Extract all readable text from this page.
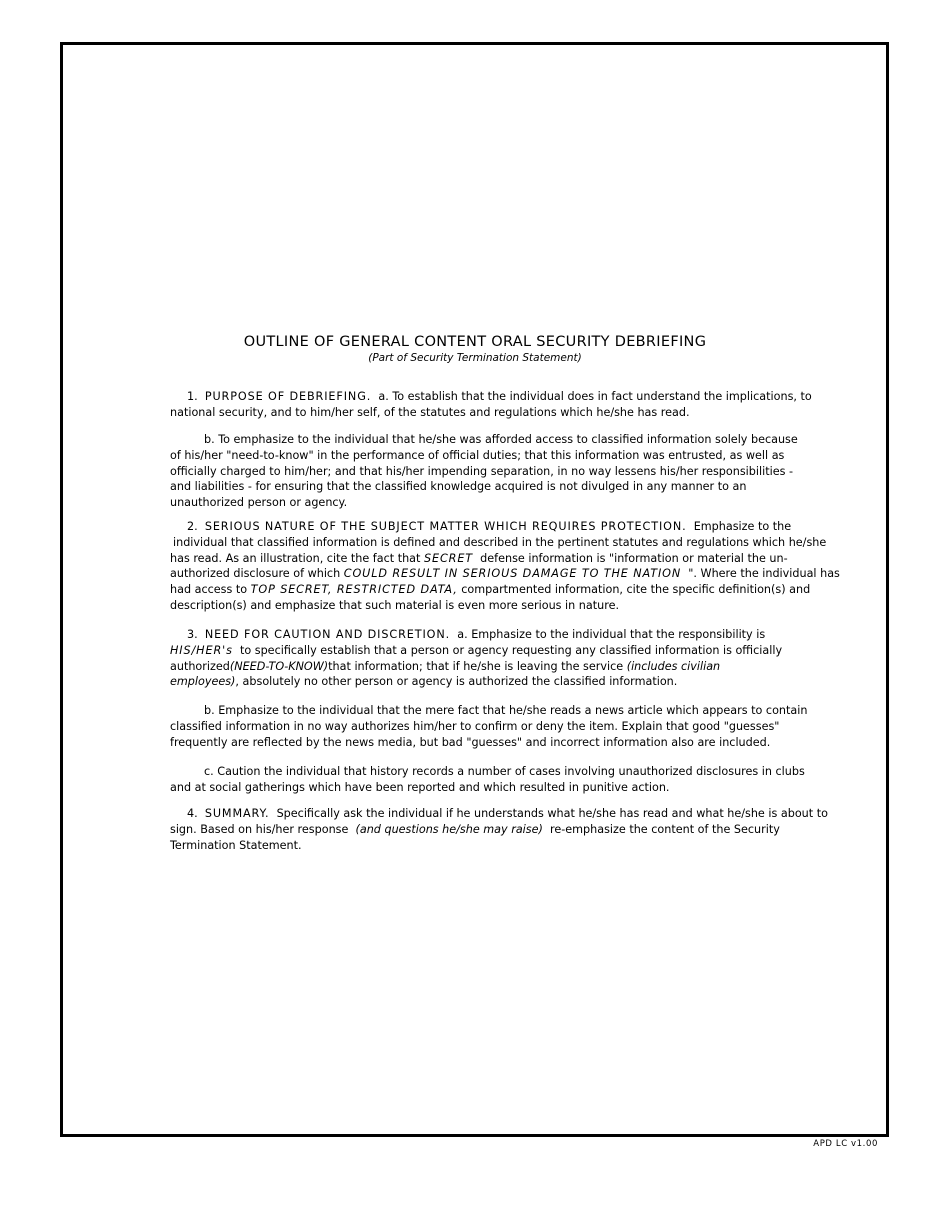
OUTLINE OF GENERAL CONTENT ORAL SECURITY DEBRIEFING
(Part of Security Termination Statement)

1. PURPOSE OF DEBRIEFING. a. To establish that the individual does in fact understand the implications, to
national security, and to him/her self, of the statutes and regulations which he/she has read.

b. To emphasize to the individual that he/she was afforded access to classified information solely because
of his/her "need-to-know" in the performance of official duties; that this information was entrusted, as well as
officially charged to him/her; and that his/her impending separation, in no way lessens his/her responsibilities -
and liabilities - for ensuring that the classified knowledge acquired is not divulged in any manner to an
unauthorized person or agency.

2. SERIOUS NATURE OF THE SUBJECT MATTER WHICH REQUIRES PROTECTION. Emphasize to the
individual that classified information is defined and described in the pertinent statutes and regulations which he/she
has read. As an illustration, cite the fact that SECRET defense information is "information or material the un-
authorized disclosure of which COULD RESULT IN SERIOUS DAMAGE TO THE NATION ". Where the individual has
had access to TOP SECRET, RESTRICTED DATA, compartmented information, cite the specific definition(s) and
description(s) and emphasize that such material is even more serious in nature.

3. NEED FOR CAUTION AND DISCRETION. a. Emphasize to the individual that the responsibility is
HIS/HER's to specifically establish that a person or agency requesting any classified information is officially
authorized(NEED-TO-KNOW)that information; that if he/she is leaving the service (includes civilian
employees), absolutely no other person or agency is authorized the classified information.

b. Emphasize to the individual that the mere fact that he/she reads a news article which appears to contain
classified information in no way authorizes him/her to confirm or deny the item. Explain that good "guesses"
frequently are reflected by the news media, but bad "guesses" and incorrect information also are included.

c. Caution the individual that history records a number of cases involving unauthorized disclosures in clubs
and at social gatherings which have been reported and which resulted in punitive action.

4. SUMMARY. Specifically ask the individual if he understands what he/she has read and what he/she is about to
sign. Based on his/her response (and questions he/she may raise) re-emphasize the content of the Security
Termination Statement.

APD LC v1.00
